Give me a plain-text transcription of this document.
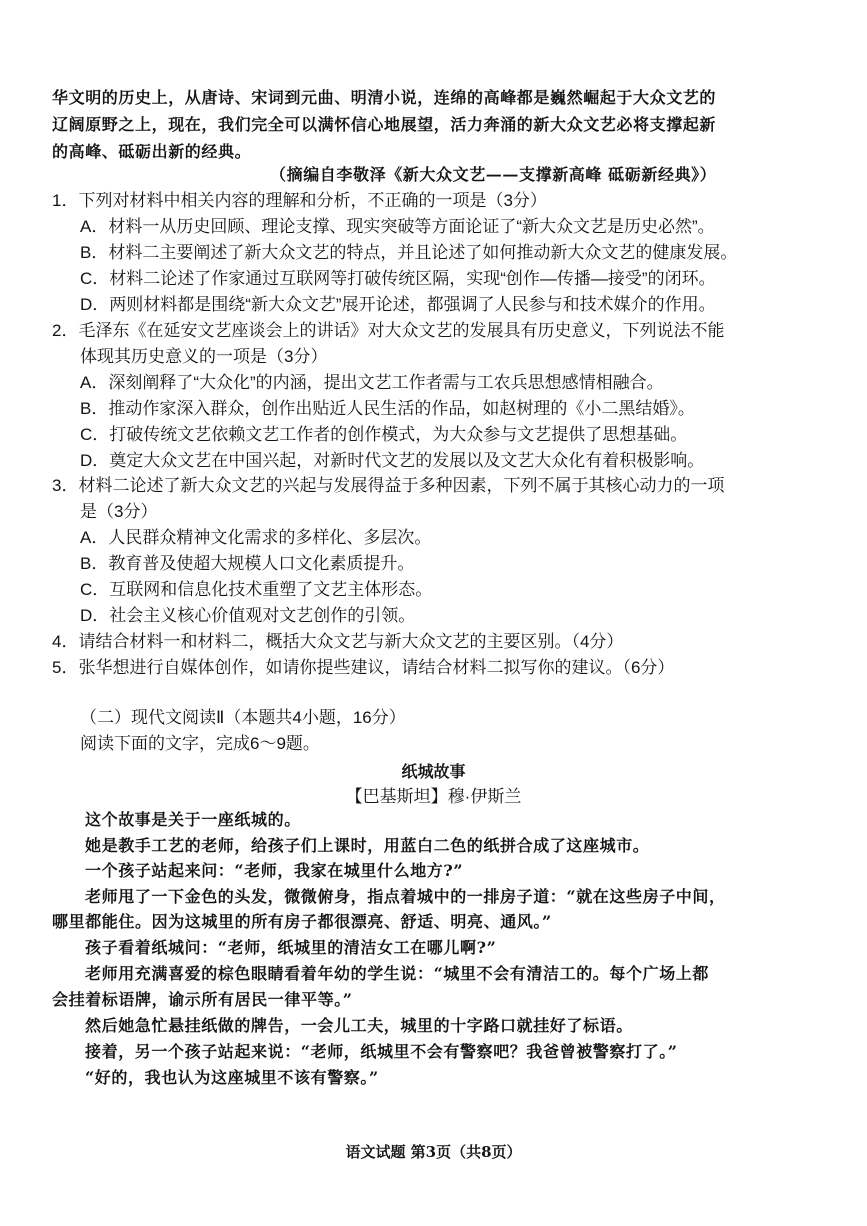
华文明的历史上，从唐诗、宋词到元曲、明清小说，连绵的高峰都是巍然崛起于大众文艺的
辽阔原野之上，现在，我们完全可以满怀信心地展望，活力奔涌的新大众文艺必将支撑起新
的高峰、砥砺出新的经典。
（摘编自李敬泽《新大众文艺——支撑新高峰 砥砺新经典》）
1．下列对材料中相关内容的理解和分析，不正确的一项是（3分）
A．材料一从历史回顾、理论支撑、现实突破等方面论证了“新大众文艺是历史必然”。
B．材料二主要阐述了新大众文艺的特点，并且论述了如何推动新大众文艺的健康发展。
C．材料二论述了作家通过互联网等打破传统区隔，实现“创作—传播—接受”的闭环。
D．两则材料都是围绕“新大众文艺”展开论述，都强调了人民参与和技术媒介的作用。
2．毛泽东《在延安文艺座谈会上的讲话》对大众文艺的发展具有历史意义，下列说法不能
体现其历史意义的一项是（3分）
A．深刻阐释了“大众化”的内涵，提出文艺工作者需与工农兵思想感情相融合。
B．推动作家深入群众，创作出贴近人民生活的作品，如赵树理的《小二黑结婚》。
C．打破传统文艺依赖文艺工作者的创作模式，为大众参与文艺提供了思想基础。
D．奠定大众文艺在中国兴起，对新时代文艺的发展以及文艺大众化有着积极影响。
3．材料二论述了新大众文艺的兴起与发展得益于多种因素，下列不属于其核心动力的一项
是（3分）
A．人民群众精神文化需求的多样化、多层次。
B．教育普及使超大规模人口文化素质提升。
C．互联网和信息化技术重塑了文艺主体形态。
D．社会主义核心价值观对文艺创作的引领。
4．请结合材料一和材料二，概括大众文艺与新大众文艺的主要区别。（4分）
5．张华想进行自媒体创作，如请你提些建议，请结合材料二拟写你的建议。（6分）
（二）现代文阅读Ⅱ（本题共4小题，16分）
阅读下面的文字，完成6～9题。
纸城故事
【巴基斯坦】穆·伊斯兰
这个故事是关于一座纸城的。
她是教手工艺的老师，给孩子们上课时，用蓝白二色的纸拼合成了这座城市。
一个孩子站起来问：“老师，我家在城里什么地方?”
老师甩了一下金色的头发，微微俯身，指点着城中的一排房子道：“就在这些房子中间，
哪里都能住。因为这城里的所有房子都很漂亮、舒适、明亮、通风。”
孩子看着纸城问：“老师，纸城里的清洁女工在哪儿啊?”
老师用充满喜爱的棕色眼睛看着年幼的学生说：“城里不会有清洁工的。每个广场上都
会挂着标语牌，谕示所有居民一律平等。”
然后她急忙悬挂纸做的牌告，一会儿工夫，城里的十字路口就挂好了标语。
接着，另一个孩子站起来说：“老师，纸城里不会有警察吧？我爸曾被警察打了。”
“好的，我也认为这座城里不该有警察。”
语文试题 第3页（共8页）
